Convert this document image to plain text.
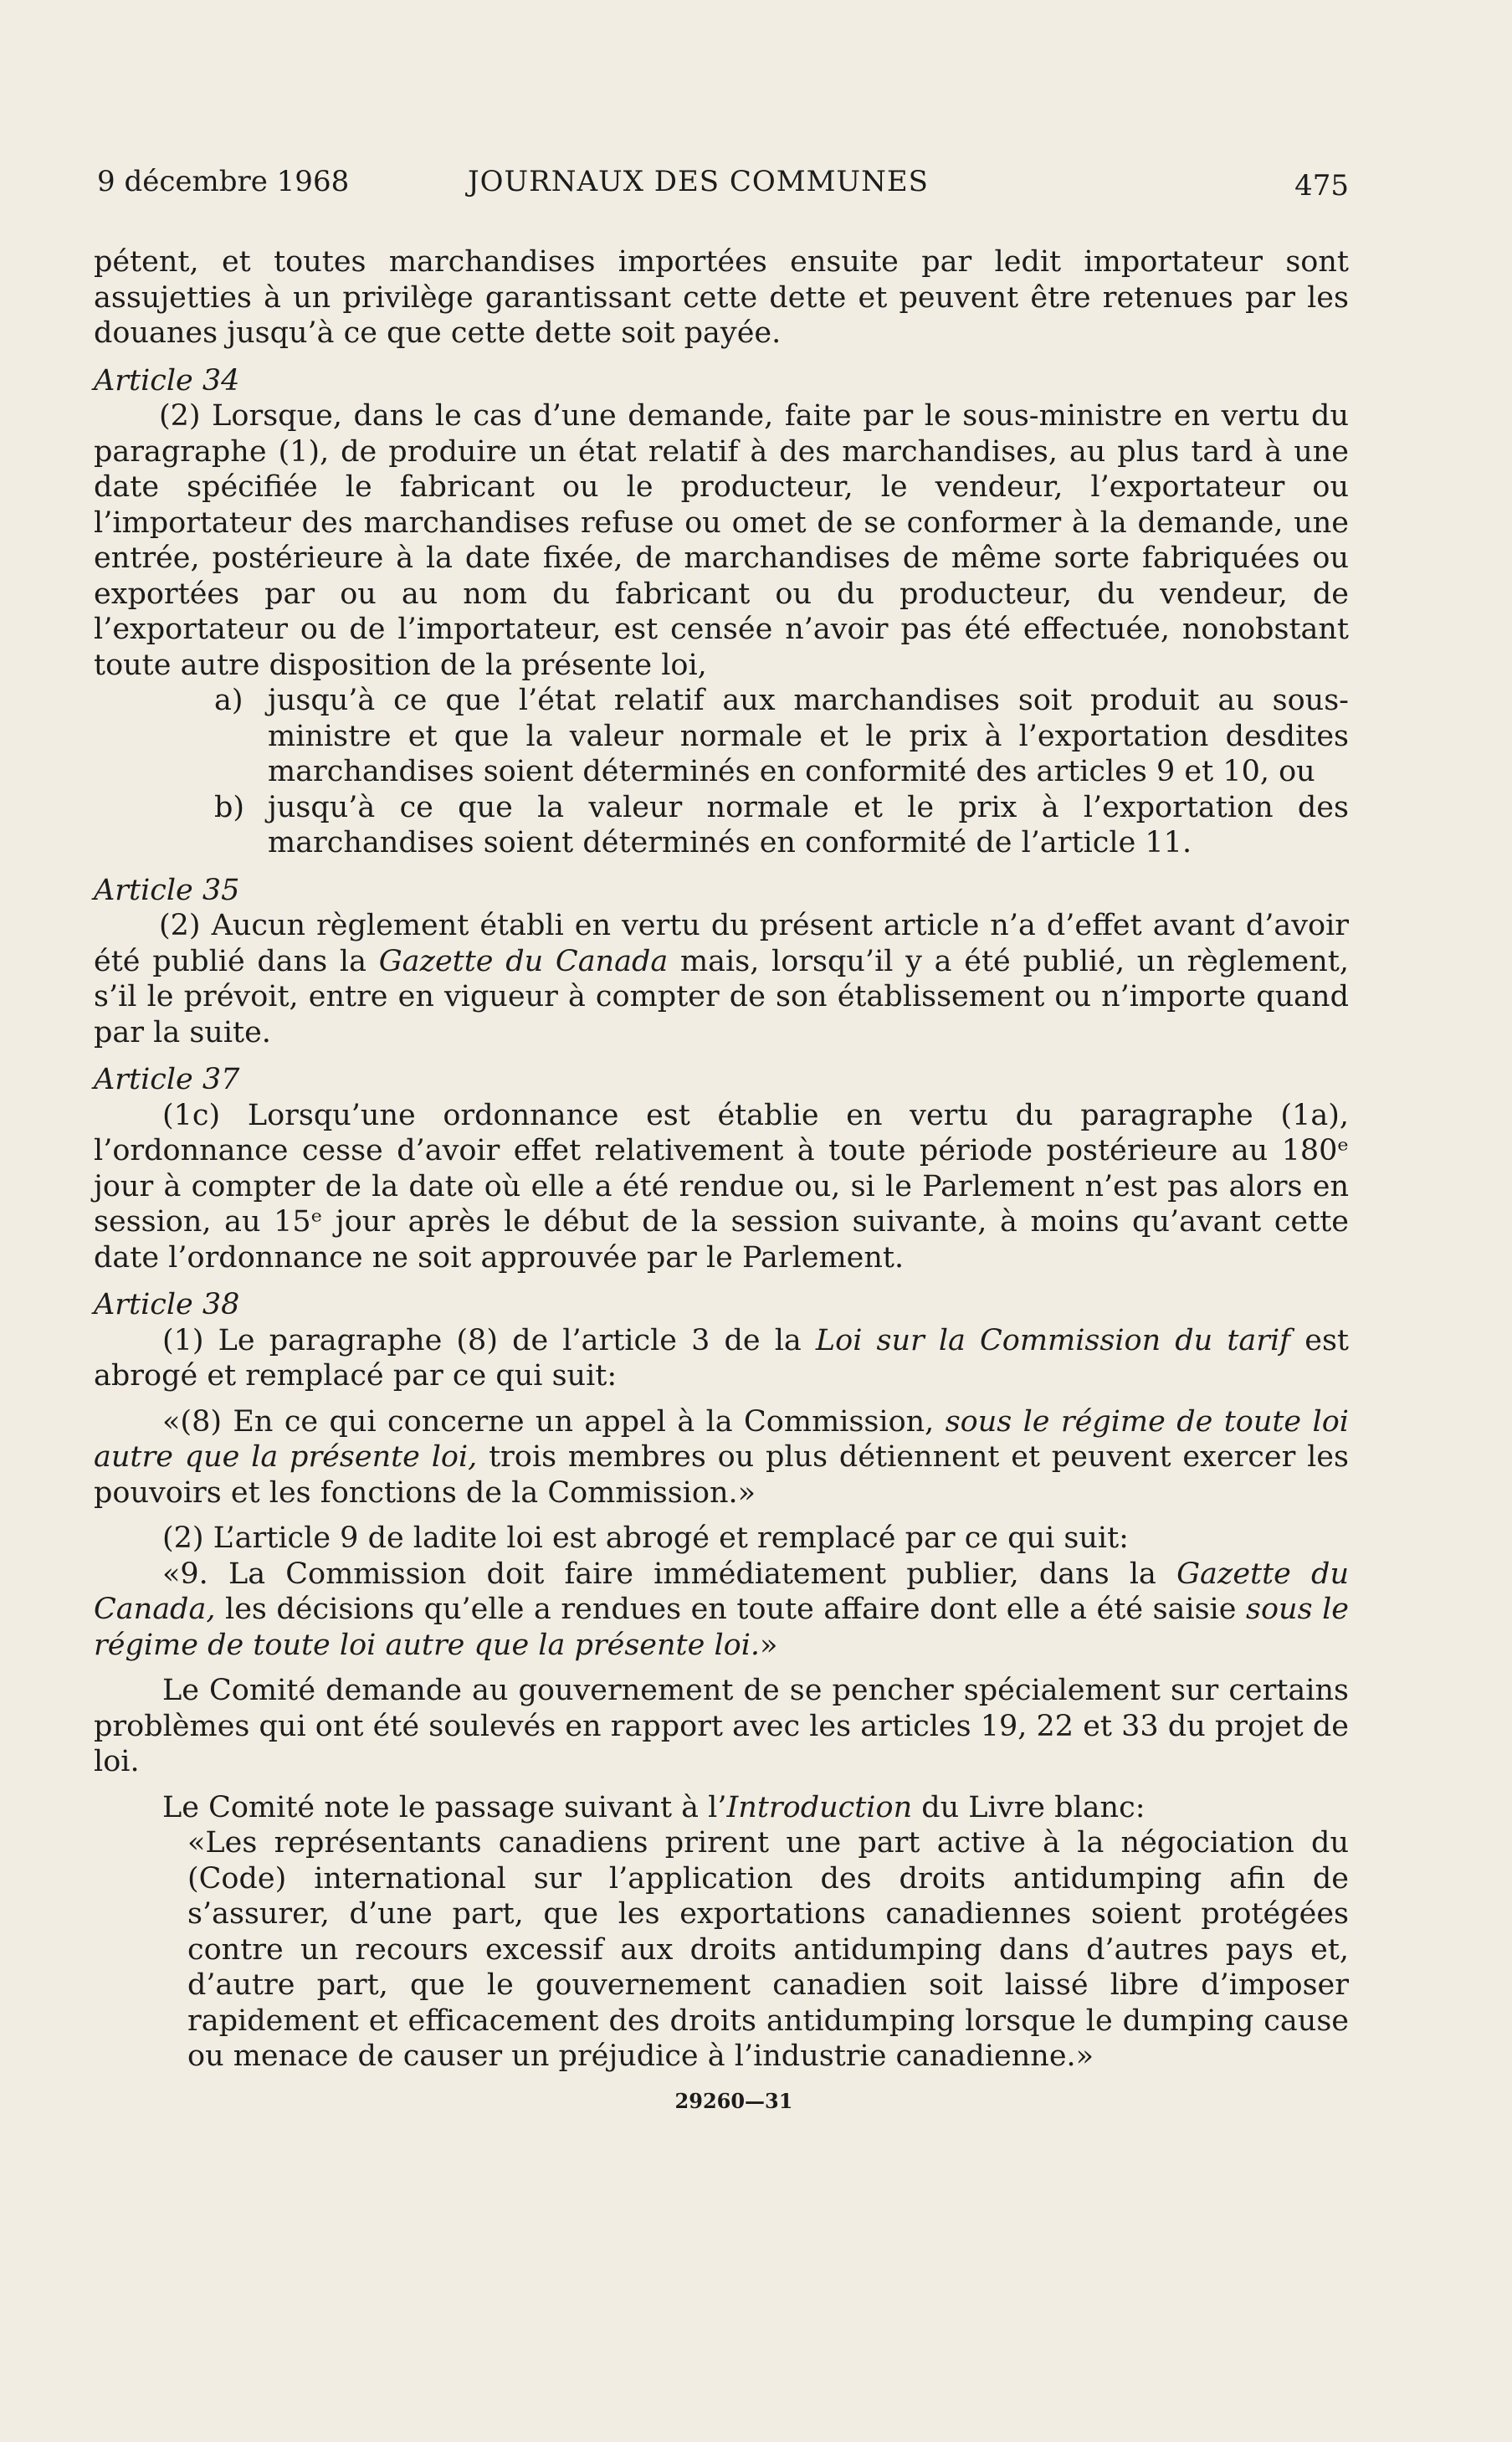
9 décembre 1968	JOURNAUX DES COMMUNES	475

pétent, et toutes marchandises importées ensuite par ledit importateur sont assujetties à un privilège garantissant cette dette et peuvent être retenues par les douanes jusqu’à ce que cette dette soit payée.

Article 34

(2) Lorsque, dans le cas d’une demande, faite par le sous-ministre en vertu du paragraphe (1), de produire un état relatif à des marchandises, au plus tard à une date spécifiée le fabricant ou le producteur, le vendeur, l’exportateur ou l’importateur des marchandises refuse ou omet de se conformer à la demande, une entrée, postérieure à la date fixée, de marchandises de même sorte fabriquées ou exportées par ou au nom du fabricant ou du producteur, du vendeur, de l’exportateur ou de l’importateur, est censée n’avoir pas été effectuée, nonobstant toute autre disposition de la présente loi,

a) jusqu’à ce que l’état relatif aux marchandises soit produit au sous-ministre et que la valeur normale et le prix à l’exportation desdites marchandises soient déterminés en conformité des articles 9 et 10, ou
b) jusqu’à ce que la valeur normale et le prix à l’exportation des marchandises soient déterminés en conformité de l’article 11.

Article 35

(2) Aucun règlement établi en vertu du présent article n’a d’effet avant d’avoir été publié dans la Gazette du Canada mais, lorsqu’il y a été publié, un règlement, s’il le prévoit, entre en vigueur à compter de son établissement ou n’importe quand par la suite.

Article 37

(1c) Lorsqu’une ordonnance est établie en vertu du paragraphe (1a), l’ordonnance cesse d’avoir effet relativement à toute période postérieure au 180ᵉ jour à compter de la date où elle a été rendue ou, si le Parlement n’est pas alors en session, au 15ᵉ jour après le début de la session suivante, à moins qu’avant cette date l’ordonnance ne soit approuvée par le Parlement.

Article 38

(1) Le paragraphe (8) de l’article 3 de la Loi sur la Commission du tarif est abrogé et remplacé par ce qui suit:

«(8) En ce qui concerne un appel à la Commission, sous le régime de toute loi autre que la présente loi, trois membres ou plus détiennent et peuvent exercer les pouvoirs et les fonctions de la Commission.»

(2) L’article 9 de ladite loi est abrogé et remplacé par ce qui suit:

«9. La Commission doit faire immédiatement publier, dans la Gazette du Canada, les décisions qu’elle a rendues en toute affaire dont elle a été saisie sous le régime de toute loi autre que la présente loi.»

Le Comité demande au gouvernement de se pencher spécialement sur certains problèmes qui ont été soulevés en rapport avec les articles 19, 22 et 33 du projet de loi.

Le Comité note le passage suivant à l’Introduction du Livre blanc:

«Les représentants canadiens prirent une part active à la négociation du (Code) international sur l’application des droits antidumping afin de s’assurer, d’une part, que les exportations canadiennes soient protégées contre un recours excessif aux droits antidumping dans d’autres pays et, d’autre part, que le gouvernement canadien soit laissé libre d’imposer rapidement et efficacement des droits antidumping lorsque le dumping cause ou menace de causer un préjudice à l’industrie canadienne.»

29260—31
